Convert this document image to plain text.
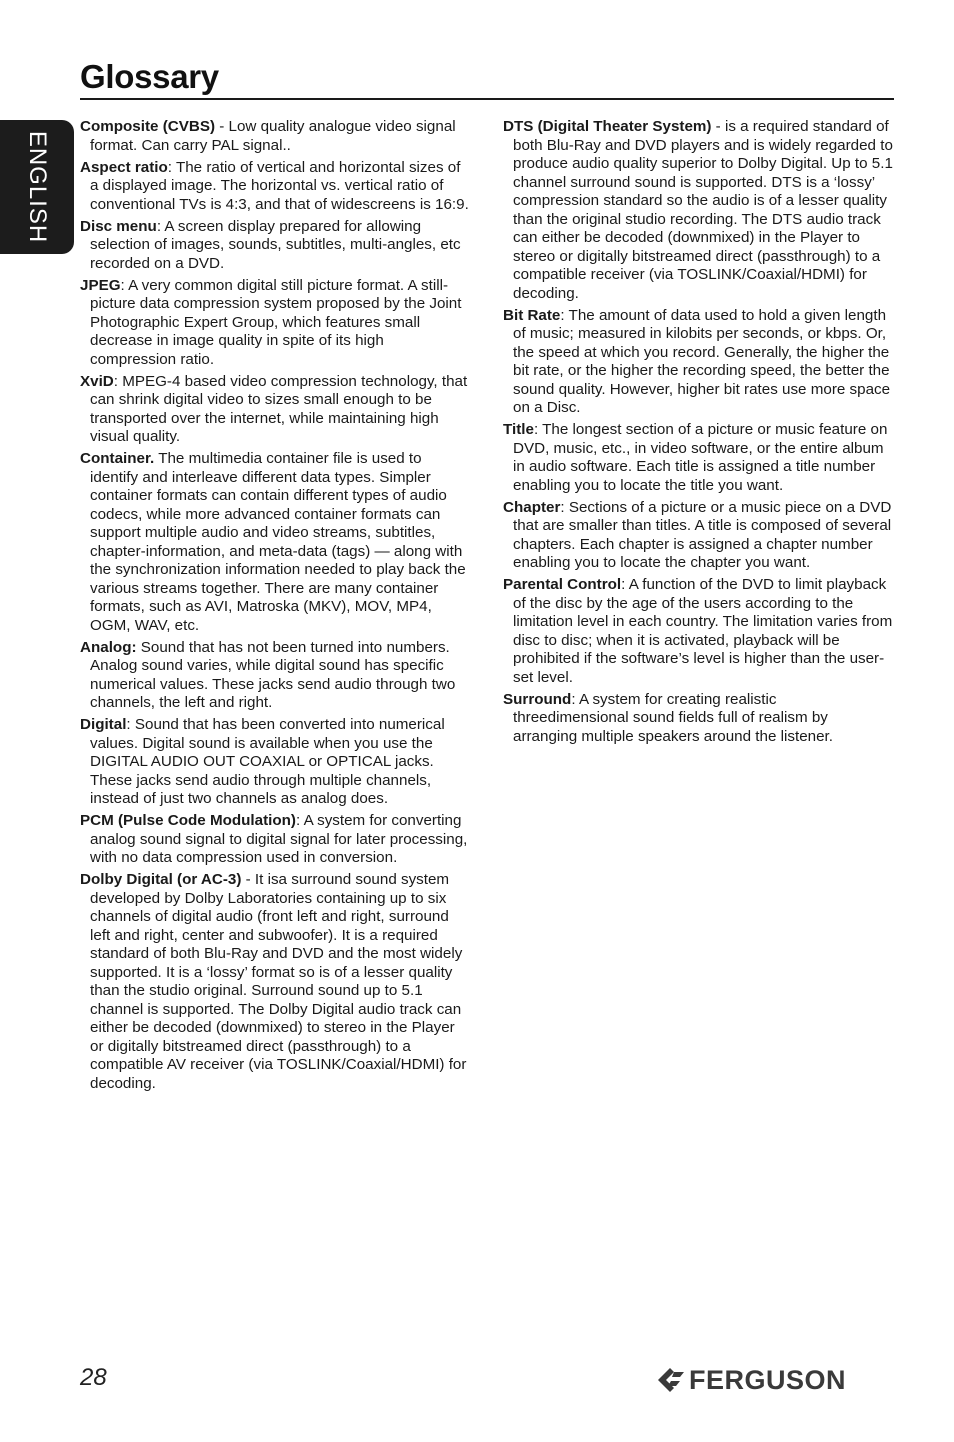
Glossary
ENGLISH

Composite (CVBS) - Low quality analogue video signal format. Can carry PAL signal..

Aspect ratio: The ratio of vertical and horizontal sizes of a displayed image. The horizontal vs. vertical ratio of conventional TVs is 4:3, and that of widescreens is 16:9.

Disc menu: A screen display prepared for allowing selection of images, sounds, subtitles, multi-angles, etc recorded on a DVD.

JPEG: A very common digital still picture format. A still-picture data compression system proposed by the Joint Photographic Expert Group, which features small decrease in image quality in spite of its high compression ratio.

XviD: MPEG-4 based video compression technology, that can shrink digital video to sizes small enough to be transported over the internet, while maintaining high visual quality.

Container. The multimedia container file is used to identify and interleave different data types. Simpler container formats can contain different types of audio codecs, while more advanced container formats can support multiple audio and video streams, subtitles, chapter-information, and meta-data (tags) — along with the synchronization information needed to play back the various streams together. There are many container formats, such as AVI, Matroska (MKV), MOV, MP4, OGM, WAV, etc.

Analog: Sound that has not been turned into numbers. Analog sound varies, while digital sound has specific numerical values. These jacks send audio through two channels, the left and right.

Digital: Sound that has been converted into numerical values. Digital sound is available when you use the DIGITAL AUDIO OUT COAXIAL or OPTICAL jacks. These jacks send audio through multiple channels, instead of just two channels as analog does.

PCM (Pulse Code Modulation): A system for converting analog sound signal to digital signal for later processing, with no data compression used in conversion.

Dolby Digital (or AC-3) - It isa surround sound system developed by Dolby Laboratories containing up to six channels of digital audio (front left and right, surround left and right, center and subwoofer). It is a required standard of both Blu-Ray and DVD and the most widely supported. It is a ‘lossy’ format so is of a lesser quality than the studio original. Surround sound up to 5.1 channel is supported. The Dolby Digital audio track can either be decoded (downmixed) to stereo in the Player or digitally bitstreamed direct (passthrough) to a compatible AV receiver (via TOSLINK/Coaxial/HDMI) for decoding.

DTS (Digital Theater System) - is a required standard of both Blu-Ray and DVD players and is widely regarded to produce audio quality superior to Dolby Digital. Up to 5.1 channel surround sound is supported. DTS is a ‘lossy’ compression standard so the audio is of a lesser quality than the original studio recording. The DTS audio track can either be decoded (downmixed) in the Player to stereo or digitally bitstreamed direct (passthrough) to a compatible receiver (via TOSLINK/Coaxial/HDMI) for decoding.

Bit Rate: The amount of data used to hold a given length of music; measured in kilobits per seconds, or kbps. Or, the speed at which you record. Generally, the higher the bit rate, or the higher the recording speed, the better the sound quality. However, higher bit rates use more space on a Disc.

Title: The longest section of a picture or music feature on DVD, music, etc., in video software, or the entire album in audio software. Each title is assigned a title number enabling you to locate the title you want.

Chapter: Sections of a picture or a music piece on a DVD that are smaller than titles. A title is composed of several chapters. Each chapter is assigned a chapter number enabling you to locate the chapter you want.

Parental Control: A function of the DVD to limit playback of the disc by the age of the users according to the limitation level in each country. The limitation varies from disc to disc; when it is activated, playback will be prohibited if the software’s level is higher than the user-set level.

Surround: A system for creating realistic threedimensional sound fields full of realism by arranging multiple speakers around the listener.

28	FERGUSON
